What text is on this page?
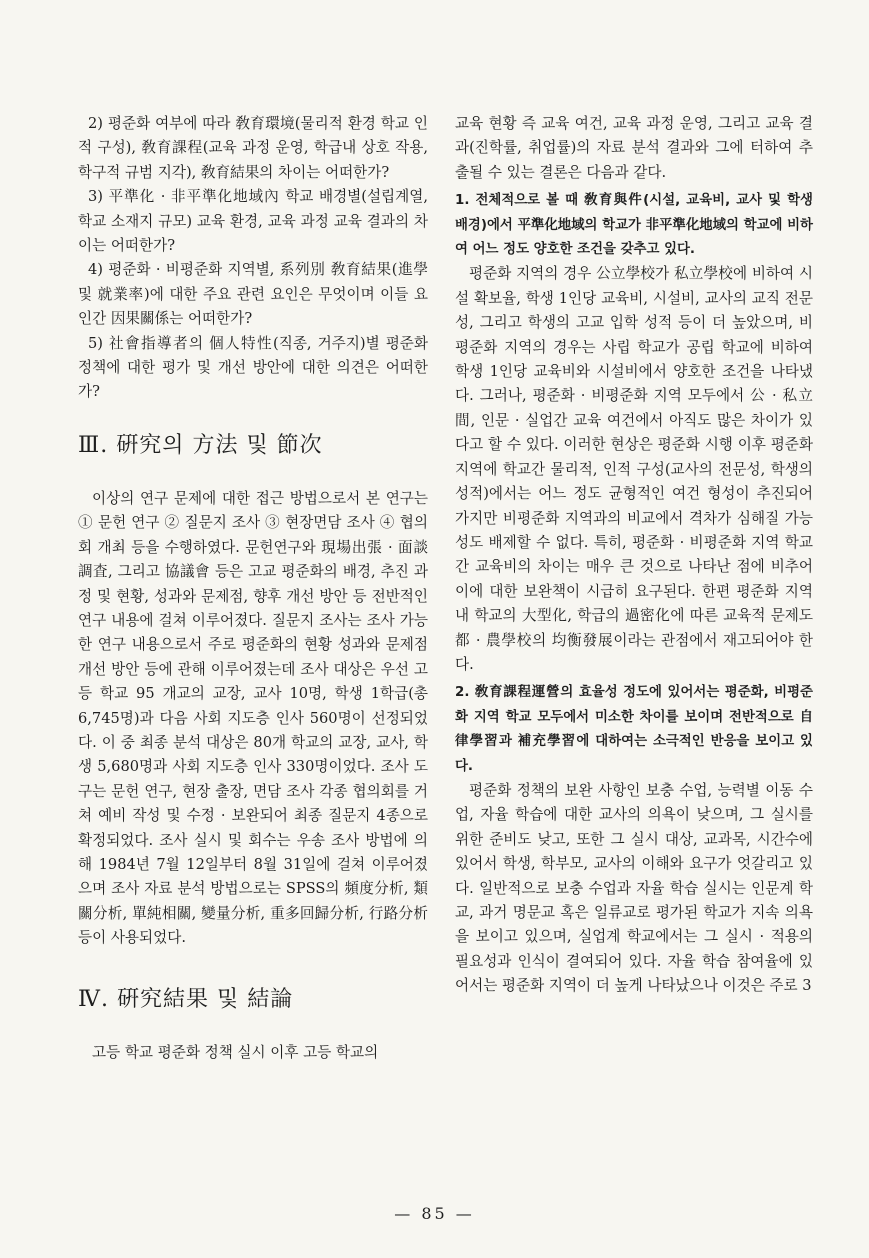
2) 평준화 여부에 따라 敎育環境(물리적 환경 학교 인적 구성), 敎育課程(교육 과정 운영, 학급내 상호 작용, 학구적 규범 지각), 敎育結果의 차이는 어떠한가?

3) 平準化 · 非平準化地域內 학교 배경별(설립계열, 학교 소재지 규모) 교육 환경, 교육 과정 교육 결과의 차이는 어떠한가?

4) 평준화 · 비평준화 지역별, 系列別 敎育結果(進學 및 就業率)에 대한 주요 관련 요인은 무엇이며 이들 요인간 因果關係는 어떠한가?

5) 社會指導者의 個人特性(직종, 거주지)별 평준화 정책에 대한 평가 및 개선 방안에 대한 의견은 어떠한가?

Ⅲ. 硏究의 方法 및 節次

이상의 연구 문제에 대한 접근 방법으로서 본 연구는 ① 문헌 연구 ② 질문지 조사 ③ 현장면담 조사 ④ 협의회 개최 등을 수행하였다. 문헌연구와 現場出張 · 面談調査, 그리고 協議會 등은 고교 평준화의 배경, 추진 과정 및 현황, 성과와 문제점, 향후 개선 방안 등 전반적인 연구 내용에 걸쳐 이루어졌다. 질문지 조사는 조사 가능한 연구 내용으로서 주로 평준화의 현황 성과와 문제점 개선 방안 등에 관해 이루어졌는데 조사 대상은 우선 고등 학교 95 개교의 교장, 교사 10명, 학생 1학급(총 6,745명)과 다음 사회 지도층 인사 560명이 선정되었다. 이 중 최종 분석 대상은 80개 학교의 교장, 교사, 학생 5,680명과 사회 지도층 인사 330명이었다. 조사 도구는 문헌 연구, 현장 출장, 면담 조사 각종 협의회를 거쳐 예비 작성 및 수정 · 보완되어 최종 질문지 4종으로 확정되었다. 조사 실시 및 회수는 우송 조사 방법에 의해 1984년 7월 12일부터 8월 31일에 걸쳐 이루어졌으며 조사 자료 분석 방법으로는 SPSS의 頻度分析, 類關分析, 單純相關, 變量分析, 重多回歸分析, 行路分析 등이 사용되었다.

Ⅳ. 硏究結果 및 結論

고등 학교 평준화 정책 실시 이후 고등 학교의

교육 현황 즉 교육 여건, 교육 과정 운영, 그리고 교육 결과(진학률, 취업률)의 자료 분석 결과와 그에 터하여 추출될 수 있는 결론은 다음과 같다.

1. 전체적으로 볼 때 敎育與件(시설, 교육비, 교사 및 학생 배경)에서 平準化地域의 학교가 非平準化地域의 학교에 비하여 어느 정도 양호한 조건을 갖추고 있다.

평준화 지역의 경우 公立學校가 私立學校에 비하여 시설 확보율, 학생 1인당 교육비, 시설비, 교사의 교직 전문성, 그리고 학생의 고교 입학 성적 등이 더 높았으며, 비평준화 지역의 경우는 사립 학교가 공립 학교에 비하여 학생 1인당 교육비와 시설비에서 양호한 조건을 나타냈다. 그러나, 평준화 · 비평준화 지역 모두에서 公 · 私立間, 인문 · 실업간 교육 여건에서 아직도 많은 차이가 있다고 할 수 있다. 이러한 현상은 평준화 시행 이후 평준화 지역에 학교간 물리적, 인적 구성(교사의 전문성, 학생의 성적)에서는 어느 정도 균형적인 여건 형성이 추진되어 가지만 비평준화 지역과의 비교에서 격차가 심해질 가능성도 배제할 수 없다. 특히, 평준화 · 비평준화 지역 학교 간 교육비의 차이는 매우 큰 것으로 나타난 점에 비추어 이에 대한 보완책이 시급히 요구된다. 한편 평준화 지역내 학교의 大型化, 학급의 過密化에 따른 교육적 문제도 都 · 農學校의 均衡發展이라는 관점에서 재고되어야 한다.

2. 敎育課程運營의 효율성 정도에 있어서는 평준화, 비평준화 지역 학교 모두에서 미소한 차이를 보이며 전반적으로 自律學習과 補充學習에 대하여는 소극적인 반응을 보이고 있다.

평준화 정책의 보완 사항인 보충 수업, 능력별 이동 수업, 자율 학습에 대한 교사의 의욕이 낮으며, 그 실시를 위한 준비도 낮고, 또한 그 실시 대상, 교과목, 시간수에 있어서 학생, 학부모, 교사의 이해와 요구가 엇갈리고 있다. 일반적으로 보충 수업과 자율 학습 실시는 인문계 학교, 과거 명문교 혹은 일류교로 평가된 학교가 지속 의욕을 보이고 있으며, 실업계 학교에서는 그 실시 · 적용의 필요성과 인식이 결여되어 있다. 자율 학습 참여율에 있어서는 평준화 지역이 더 높게 나타났으나 이것은 주로 3

— 85 —
